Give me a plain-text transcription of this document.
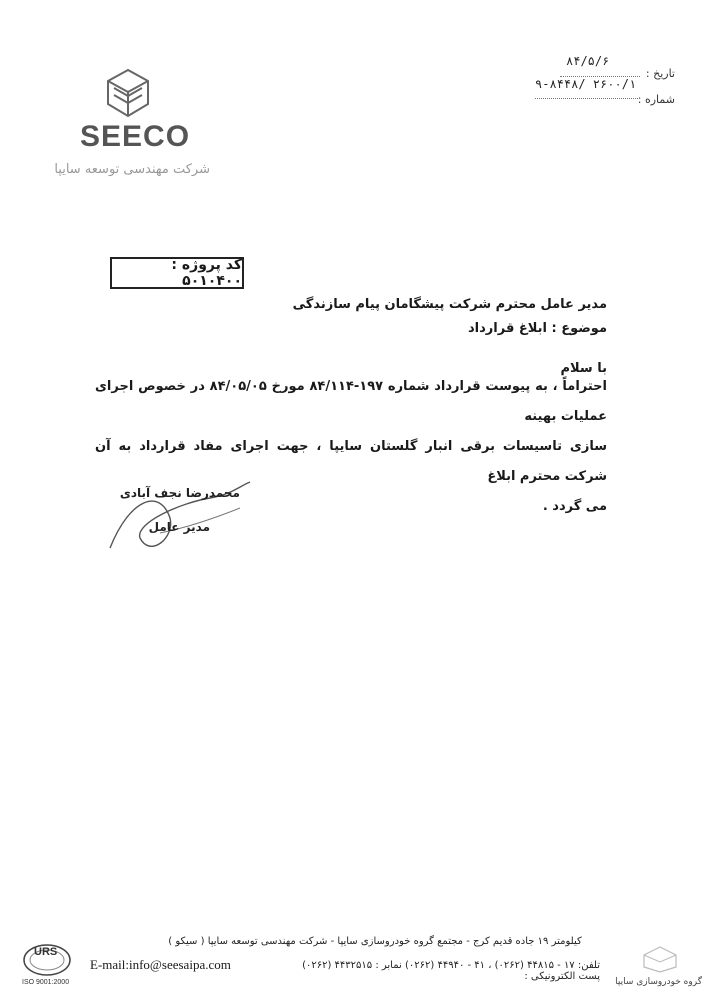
تاریخ :
۸۴/۵/۶
شماره :
۹-۸۴۴۸/ ۲۶۰۰/۱
SEECO
شرکت مهندسی توسعه سایپا
کد پروژه : ۵۰۱۰۴۰۰
مدیر عامل محترم شرکت پیشگامان پیام سازندگی
موضوع : ابلاغ قرارداد
با سلام
احتراماً ، به پیوست قرارداد شماره ۱۹۷-۸۴/۱۱۴ مورخ ۸۴/۰۵/۰۵ در خصوص اجرای عملیات بهینه
سازی تاسیسات برقی انبار گلستان سایپا ، جهت اجرای مفاد قرارداد به آن شرکت محترم ابلاغ
می گردد .
محمدرضا نجف آبادی
مدیر عامل
کیلومتر ۱۹ جاده قدیم کرج - مجتمع گروه خودروسازی سایپا - شرکت مهندسی توسعه سایپا ( سیکو )
URS
ISO 9001:2000
تلفن: ۱۷ - ۴۴۸۱۵ (۰۲۶۲) ، ۴۱ - ۴۴۹۴۰ (۰۲۶۲) نمابر : ۴۴۳۲۵۱۵ (۰۲۶۲) پست الکترونیکی :
E-mail:info@seesaipa.com
گروه خودروسازی سایپا
